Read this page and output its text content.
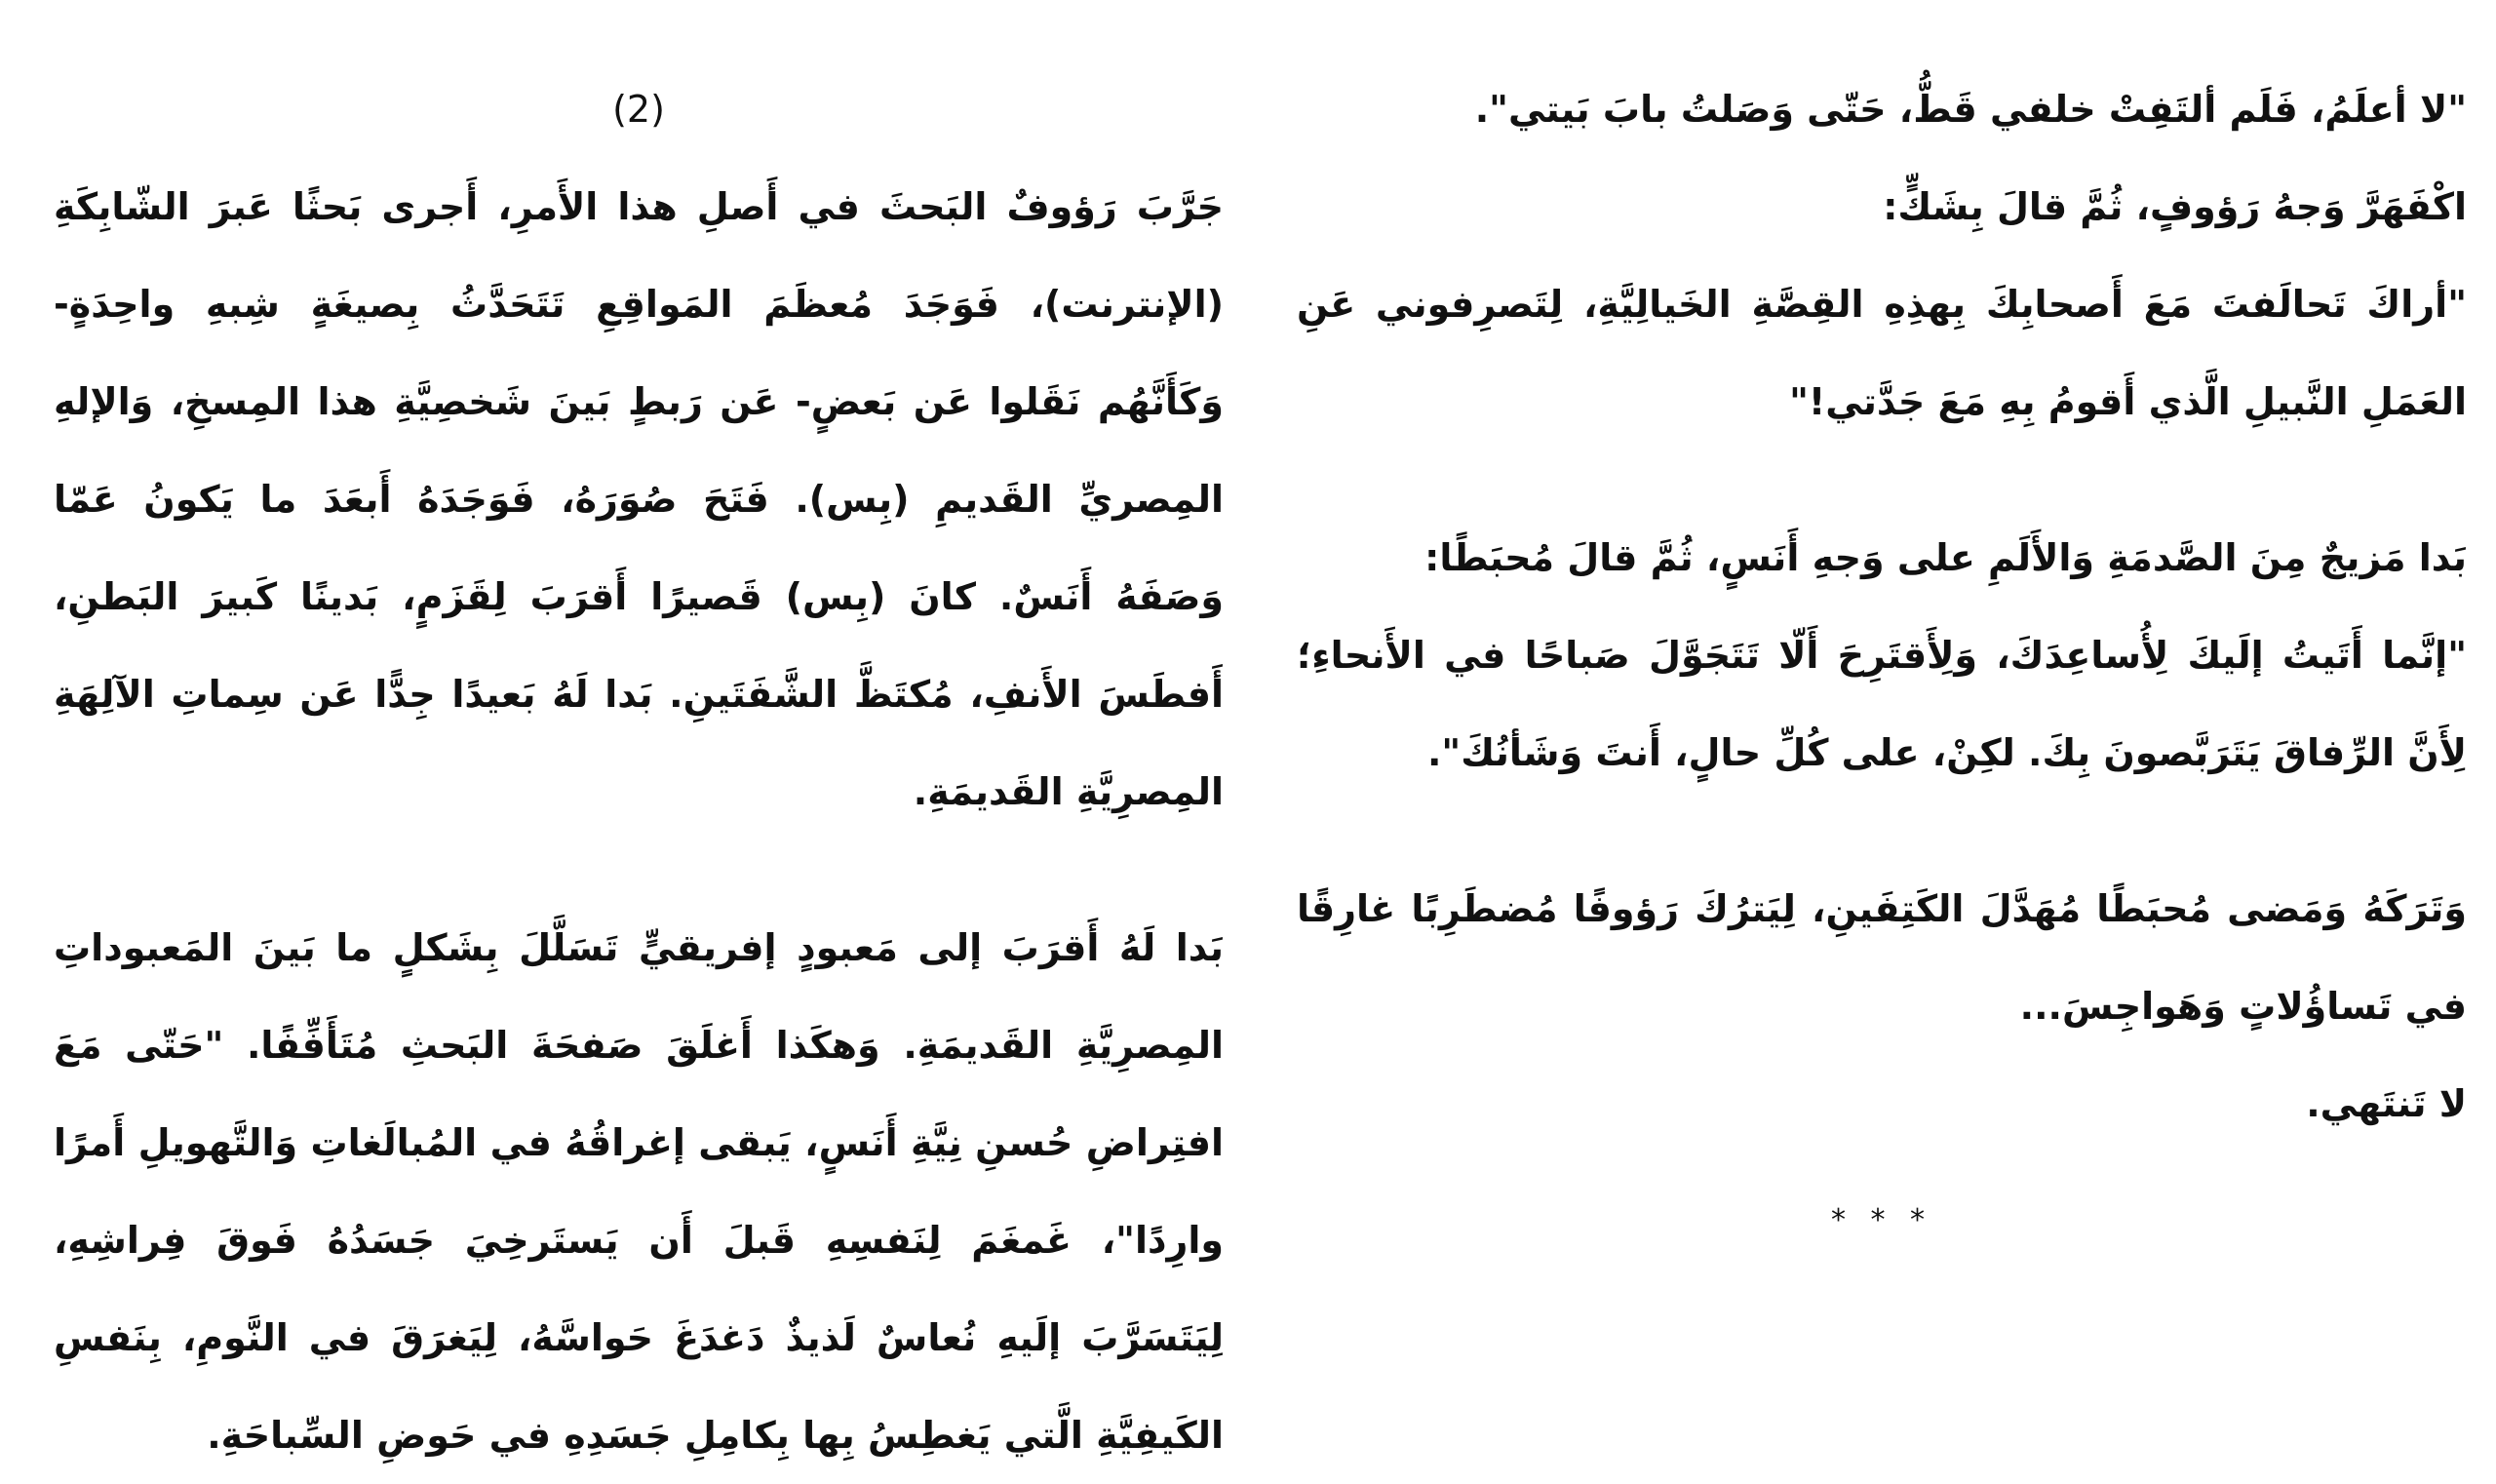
"لا أعلَمُ، فَلَم ألتَفِتْ خلفي قَطُّ، حَتّى وَصَلتُ بابَ بَيتي".

اكْفَهَرَّ وَجهُ رَؤوفٍ، ثُمَّ قالَ بِشَكٍّ:

"أراكَ تَحالَفتَ مَعَ أَصحابِكَ بِهذِهِ القِصَّةِ الخَيالِيَّةِ، لِتَصرِفوني عَنِ العَمَلِ النَّبيلِ الَّذي أَقومُ بِهِ مَعَ جَدَّتي!"

بَدا مَزيجٌ مِنَ الصَّدمَةِ وَالأَلَمِ على وَجهِ أَنَسٍ، ثُمَّ قالَ مُحبَطًا:

"إنَّما أَتَيتُ إلَيكَ لِأُساعِدَكَ، وَلِأَقتَرِحَ أَلّا تَتَجَوَّلَ صَباحًا في الأَنحاءِ؛ لِأَنَّ الرِّفاقَ يَتَرَبَّصونَ بِكَ. لكِنْ، على كُلِّ حالٍ، أَنتَ وَشَأنُكَ".

وَتَرَكَهُ وَمَضى مُحبَطًا مُهَدَّلَ الكَتِفَينِ، لِيَترُكَ رَؤوفًا مُضطَرِبًا غارِقًا في تَساؤُلاتٍ وَهَواجِسَ...

لا تَنتَهي.

* * *
(2)

جَرَّبَ رَؤوفٌ البَحثَ في أَصلِ هذا الأَمرِ، أَجرى بَحثًا عَبرَ الشّابِكَةِ (الإنترنت)، فَوَجَدَ مُعظَمَ المَواقِعِ تَتَحَدَّثُ بِصيغَةٍ شِبهِ واحِدَةٍ- وَكَأَنَّهُم نَقَلوا عَن بَعضٍ- عَن رَبطٍ بَينَ شَخصِيَّةِ هذا المِسخِ، وَالإلهِ المِصريِّ القَديمِ (بِس). فَتَحَ صُوَرَهُ، فَوَجَدَهُ أَبعَدَ ما يَكونُ عَمّا وَصَفَهُ أَنَسٌ. كانَ (بِس) قَصيرًا أَقرَبَ لِقَزَمٍ، بَدينًا كَبيرَ البَطنِ، أَفطَسَ الأَنفِ، مُكتَظَّ الشَّفَتَينِ. بَدا لَهُ بَعيدًا جِدًّا عَن سِماتِ الآلِهَةِ المِصرِيَّةِ القَديمَةِ.

بَدا لَهُ أَقرَبَ إلى مَعبودٍ إفريقيٍّ تَسَلَّلَ بِشَكلٍ ما بَينَ المَعبوداتِ المِصرِيَّةِ القَديمَةِ. وَهكَذا أَغلَقَ صَفحَةَ البَحثِ مُتَأَفِّفًا. "حَتّى مَعَ افتِراضِ حُسنِ نِيَّةِ أَنَسٍ، يَبقى إغراقُهُ في المُبالَغاتِ وَالتَّهويلِ أَمرًا وارِدًا"، غَمغَمَ لِنَفسِهِ قَبلَ أَن يَستَرخِيَ جَسَدُهُ فَوقَ فِراشِهِ، لِيَتَسَرَّبَ إلَيهِ نُعاسٌ لَذيذٌ دَغدَغَ حَواسَّهُ، لِيَغرَقَ في النَّومِ، بِنَفسِ الكَيفِيَّةِ الَّتي يَغطِسُ بِها بِكامِلِ جَسَدِهِ في حَوضِ السِّباحَةِ.
